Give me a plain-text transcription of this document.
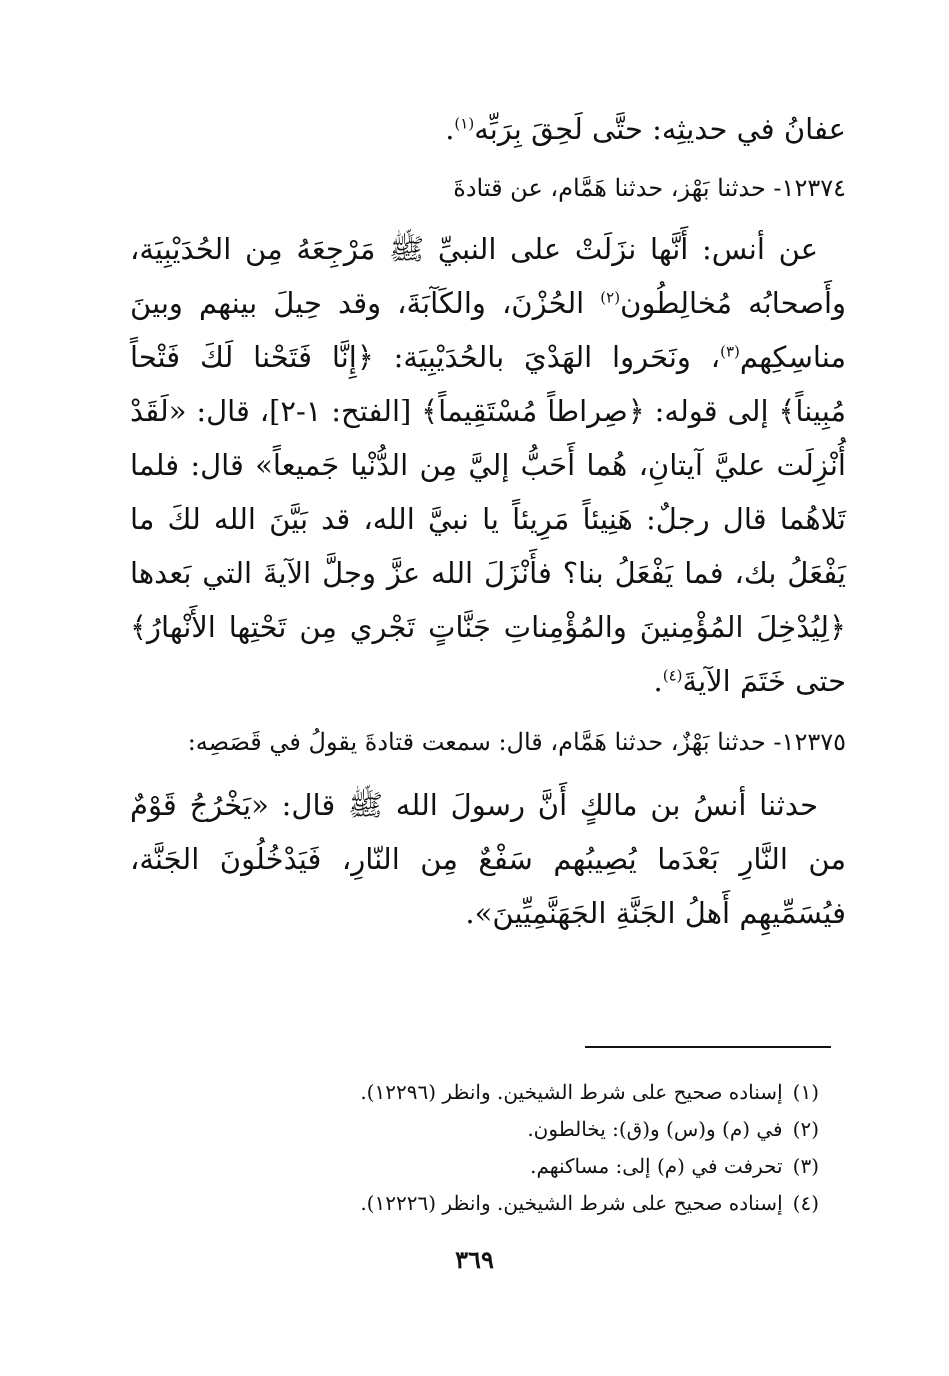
عفانُ في حديثِه: حتَّى لَحِقَ بِرَبِّه$^{(١)}$.

١٢٣٧٤- حدثنا بَهْز، حدثنا هَمَّام، عن قتادةَ

عن أنس: أَنَّها نزَلَتْ على النبيِّ ﷺ مَرْجِعَهُ مِن الحُدَيْبِيَة، وأَصحابُه مُخالِطُون$^{(٢)}$ الحُزْنَ، والكَآبَةَ، وقد حِيلَ بينهم وبينَ مناسِكِهم$^{(٣)}$، ونَحَروا الهَدْيَ بالحُدَيْبِيَة: ﴿إِنَّا فَتَحْنا لَكَ فَتْحاً مُبِيناً﴾ إلى قوله: ﴿صِراطاً مُسْتَقِيماً﴾ [الفتح: ١-٢]، قال: «لَقَدْ أُنْزِلَت عليَّ آيتانِ، هُما أَحَبُّ إليَّ مِن الدُّنْيا جَميعاً» قال: فلما تَلاهُما قال رجلٌ: هَنِيئاً مَرِيئاً يا نبيَّ الله، قد بَيَّنَ الله لكَ ما يَفْعَلُ بك، فما يَفْعَلُ بنا؟ فأَنْزَلَ الله عزَّ وجلَّ الآيةَ التي بَعدها ﴿لِيُدْخِلَ المُؤْمِنينَ والمُؤْمِناتِ جَنَّاتٍ تَجْري مِن تَحْتِها الأَنْهارُ﴾ حتى خَتَمَ الآيةَ$^{(٤)}$.

١٢٣٧٥- حدثنا بَهْزٌ، حدثنا هَمَّام، قال: سمعت قتادةَ يقولُ في قَصَصِه:

حدثنا أنسُ بن مالكٍ أَنَّ رسولَ الله ﷺ قال: «يَخْرُجُ قَوْمٌ من النَّارِ بَعْدَما يُصِيبُهم سَفْعٌ مِن النّارِ، فَيَدْخُلُونَ الجَنَّة، فيُسَمِّيهِم أَهلُ الجَنَّةِ الجَهَنَّمِيِّينَ».

(١)
إسناده صحيح على شرط الشيخين. وانظر (١٢٢٩٦).
(٢)
في (م) و(س) و(ق): يخالطون.
(٣)
تحرفت في (م) إلى: مساكنهم.
(٤)
إسناده صحيح على شرط الشيخين. وانظر (١٢٢٢٦).
٣٦٩
